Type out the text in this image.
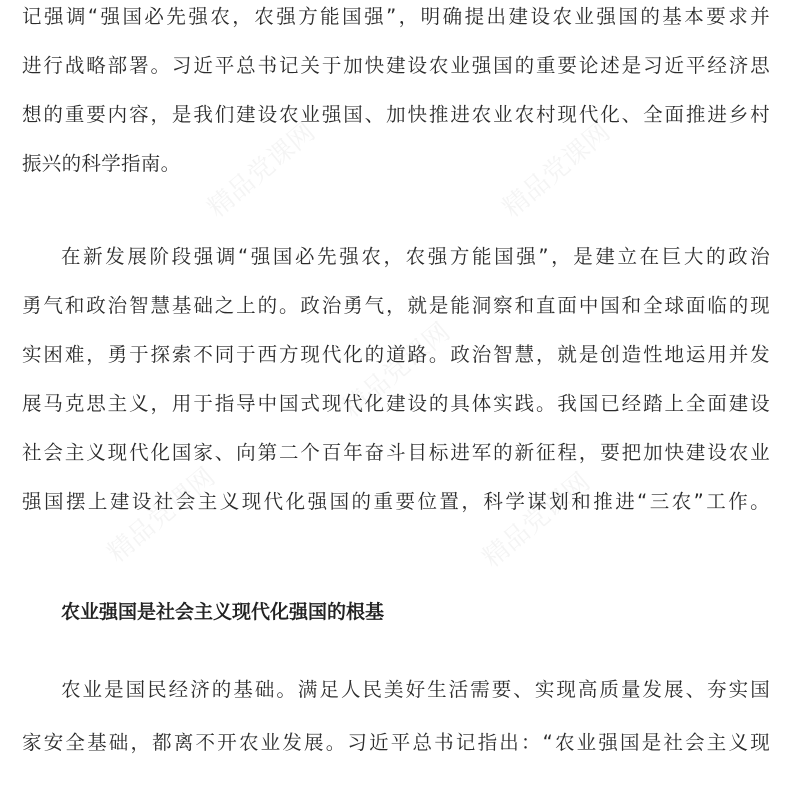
精品党课网	精品党课网
精品党课网
精品党课网	精品党课网
记强调“强国必先强农，农强方能国强”，明确提出建设农业强国的基本要求并
进行战略部署。习近平总书记关于加快建设农业强国的重要论述是习近平经济思
想的重要内容，是我们建设农业强国、加快推进农业农村现代化、全面推进乡村
振兴的科学指南。
在新发展阶段强调“强国必先强农，农强方能国强”，是建立在巨大的政治
勇气和政治智慧基础之上的。政治勇气，就是能洞察和直面中国和全球面临的现
实困难，勇于探索不同于西方现代化的道路。政治智慧，就是创造性地运用并发
展马克思主义，用于指导中国式现代化建设的具体实践。我国已经踏上全面建设
社会主义现代化国家、向第二个百年奋斗目标进军的新征程，要把加快建设农业
强国摆上建设社会主义现代化强国的重要位置，科学谋划和推进“三农”工作。
农业强国是社会主义现代化强国的根基
农业是国民经济的基础。满足人民美好生活需要、实现高质量发展、夯实国
家安全基础，都离不开农业发展。习近平总书记指出：“农业强国是社会主义现
